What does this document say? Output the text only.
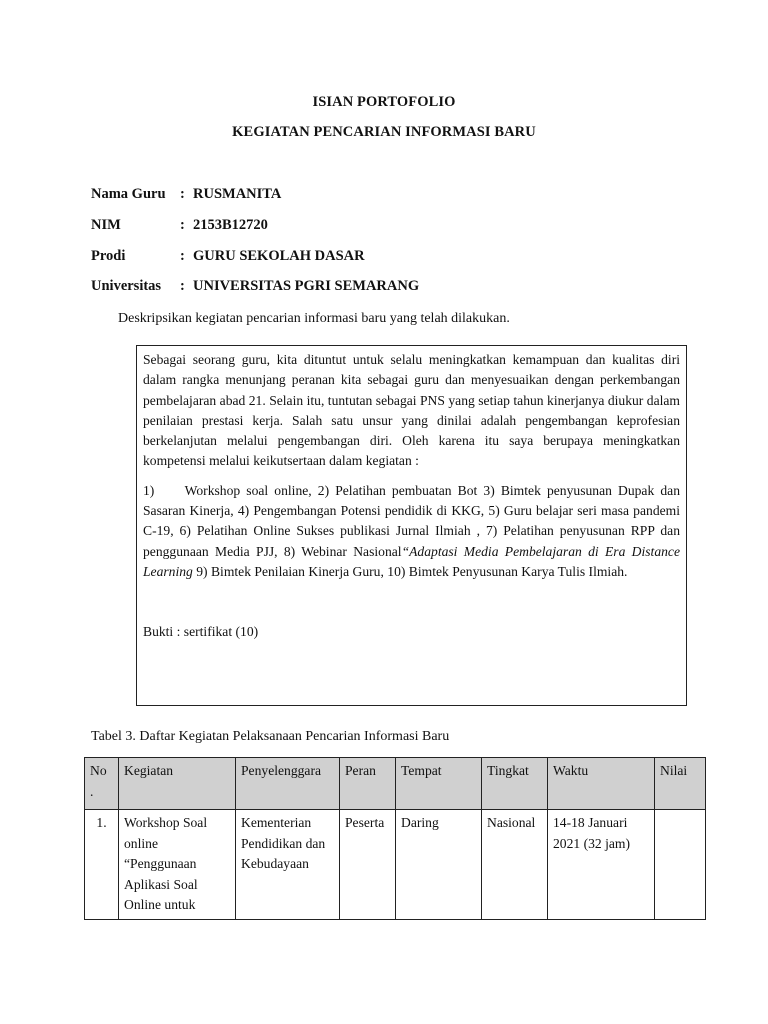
ISIAN PORTOFOLIO
KEGIATAN PENCARIAN INFORMASI BARU
Nama Guru : RUSMANITA
NIM	: 2153B12720
Prodi	: GURU SEKOLAH DASAR
Universitas	: UNIVERSITAS PGRI SEMARANG
Deskripsikan kegiatan pencarian informasi baru yang telah dilakukan.

Sebagai seorang guru, kita dituntut untuk selalu meningkatkan kemampuan dan kualitas diri dalam rangka menunjang peranan kita sebagai guru dan menyesuaikan dengan perkembangan pembelajaran abad 21. Selain itu, tuntutan sebagai PNS yang setiap tahun kinerjanya diukur dalam penilaian prestasi kerja. Salah satu unsur yang dinilai adalah pengembangan keprofesian berkelanjutan melalui pengembangan diri. Oleh karena itu saya berupaya meningkatkan kompetensi melalui keikutsertaan dalam kegiatan :

1)     Workshop soal online, 2) Pelatihan pembuatan Bot 3) Bimtek penyusunan Dupak dan Sasaran Kinerja, 4) Pengembangan Potensi pendidik di KKG, 5) Guru belajar seri masa pandemi C-19, 6) Pelatihan Online Sukses publikasi Jurnal Ilmiah , 7) Pelatihan penyusunan RPP dan penggunaan Media PJJ, 8) Webinar Nasional“Adaptasi Media Pembelajaran di Era Distance Learning 9) Bimtek Penilaian Kinerja Guru, 10) Bimtek Penyusunan Karya Tulis Ilmiah.

Bukti : sertifikat (10)

Tabel 3. Daftar Kegiatan Pelaksanaan Pencarian Informasi Baru
No .	Kegiatan	Penyelenggara	Peran	Tempat	Tingkat	Waktu	Nilai
1.	Workshop Soal online “Penggunaan Aplikasi Soal Online untuk	Kementerian Pendidikan dan Kebudayaan	Peserta	Daring	Nasional	14-18 Januari 2021 (32 jam)	
